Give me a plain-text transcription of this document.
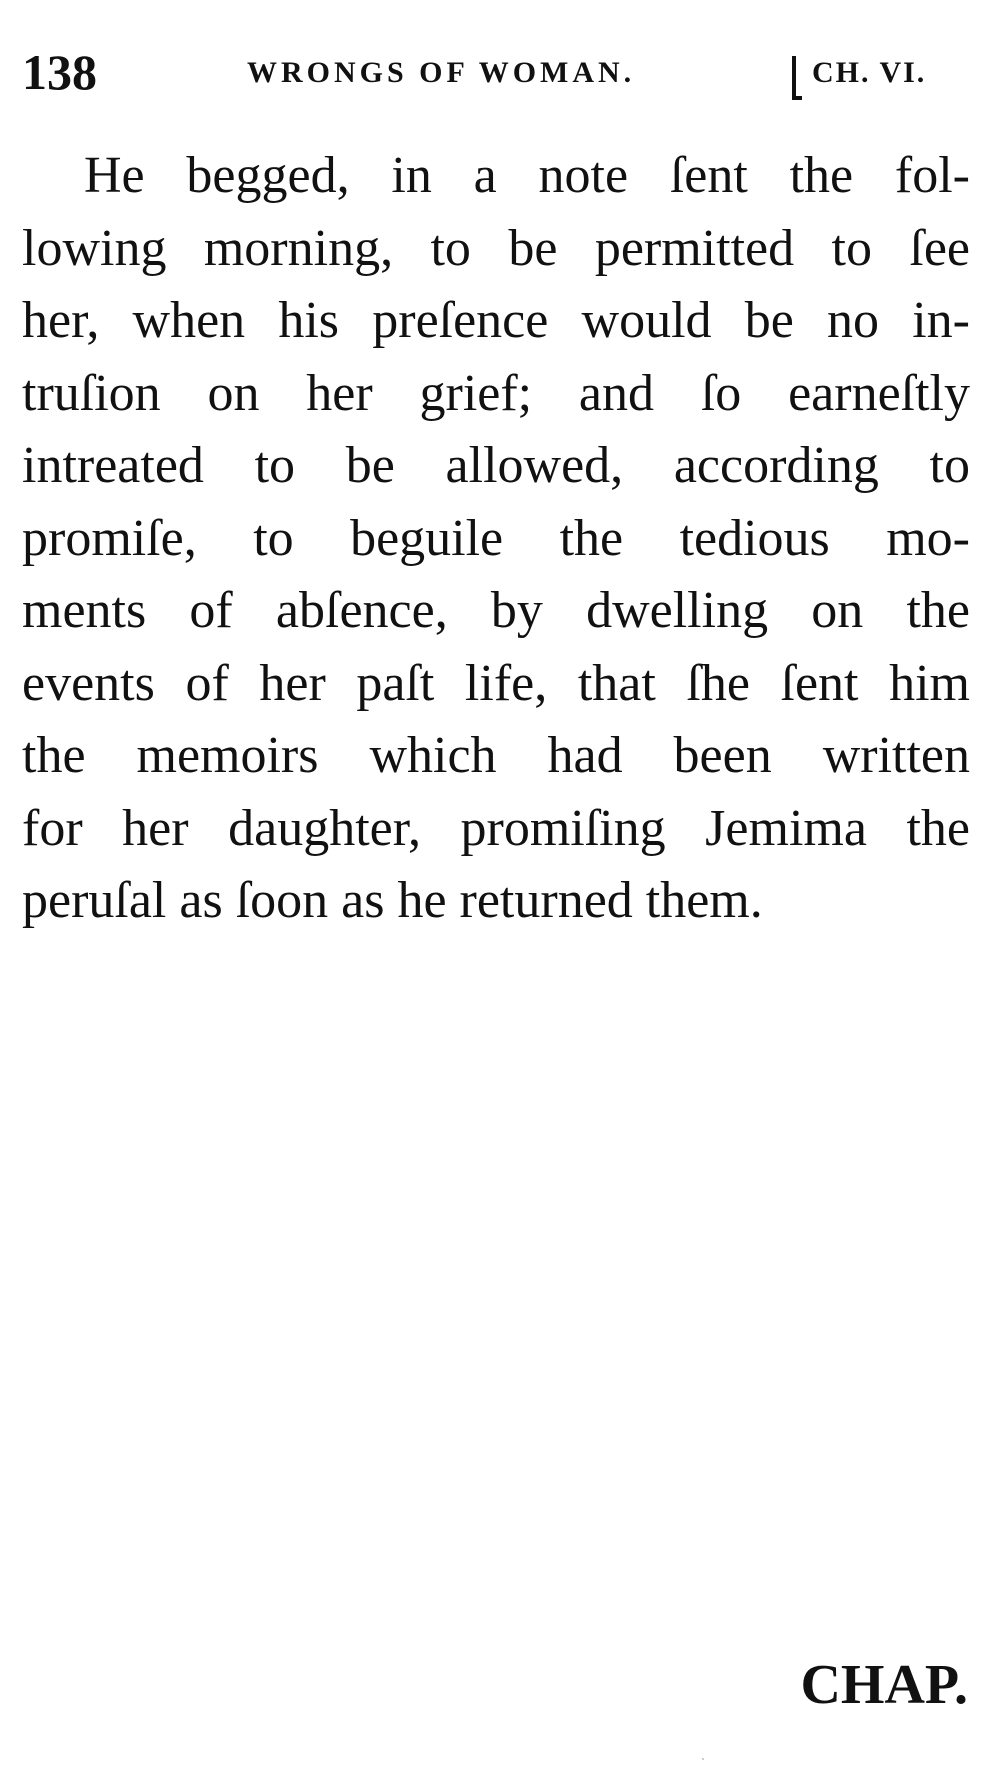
138	WRONGS OF WOMAN.	CH. VI.

He begged, in a note ſent the fol-
lowing morning, to be permitted to ſee
her, when his preſence would be no in-
truſion on her grief; and ſo earneſtly
intreated to be allowed, according to
promiſe, to beguile the tedious mo-
ments of abſence, by dwelling on the
events of her paſt life, that ſhe ſent him
the memoirs which had been written
for her daughter, promiſing Jemima the
peruſal as ſoon as he returned them.

CHAP.
